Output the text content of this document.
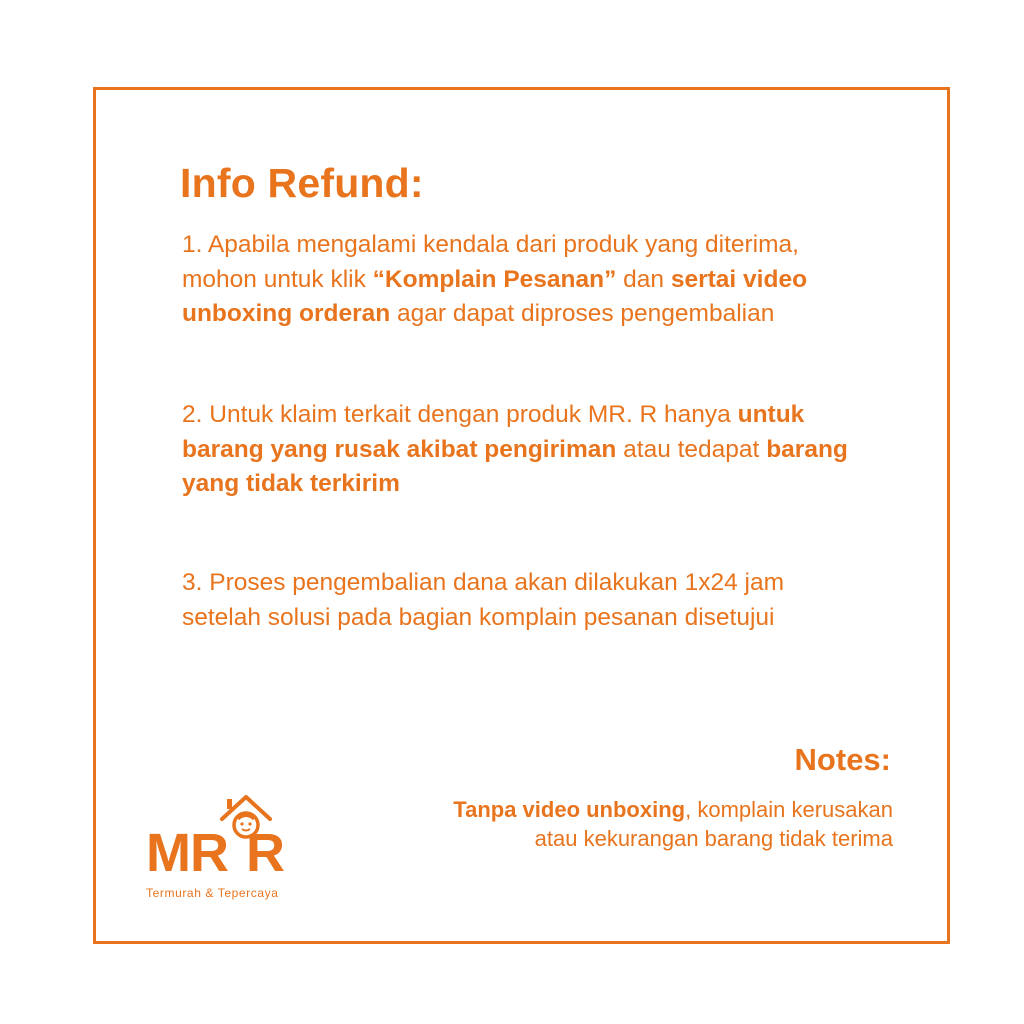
Info Refund:
1. Apabila mengalami kendala dari produk yang diterima, mohon untuk klik “Komplain Pesanan” dan sertai video unboxing orderan agar dapat diproses pengembalian
2. Untuk klaim terkait dengan produk MR. R hanya untuk barang yang rusak akibat pengiriman atau tedapat barang yang tidak terkirim
3. Proses pengembalian dana akan dilakukan 1x24 jam setelah solusi pada bagian komplain pesanan disetujui
Notes:
Tanpa video unboxing, komplain kerusakan atau kekurangan barang tidak terima
MR R
Termurah & Tepercaya
